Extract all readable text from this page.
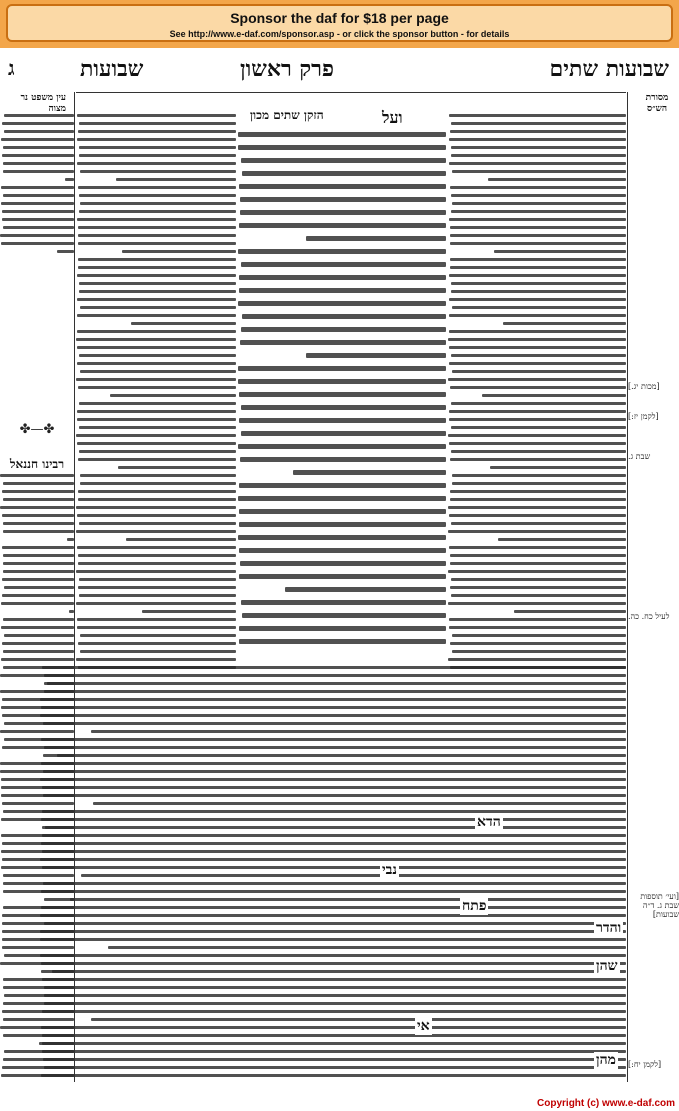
Sponsor the daf for $18 per page
See http://www.e-daf.com/sponsor.asp - or click the sponsor button - for details
שבועות שתים
פרק ראשון
שבועות
ג
עין משפט נר מצוה
מסורת הש״ס
הזקן שתים מכון	ועל
✤—✤
רבינו חננאל
הדא
נבי
פתח
והדר
שהן
מהן
אי
[מכות יג.]
[לקמן יז:]
שבת ג.
לעיל כח. כה.
[ועי׳ תוספות שבת ג. ד״ה שבועות]
[לקמן יח:]
Copyright (c) www.e-daf.com
